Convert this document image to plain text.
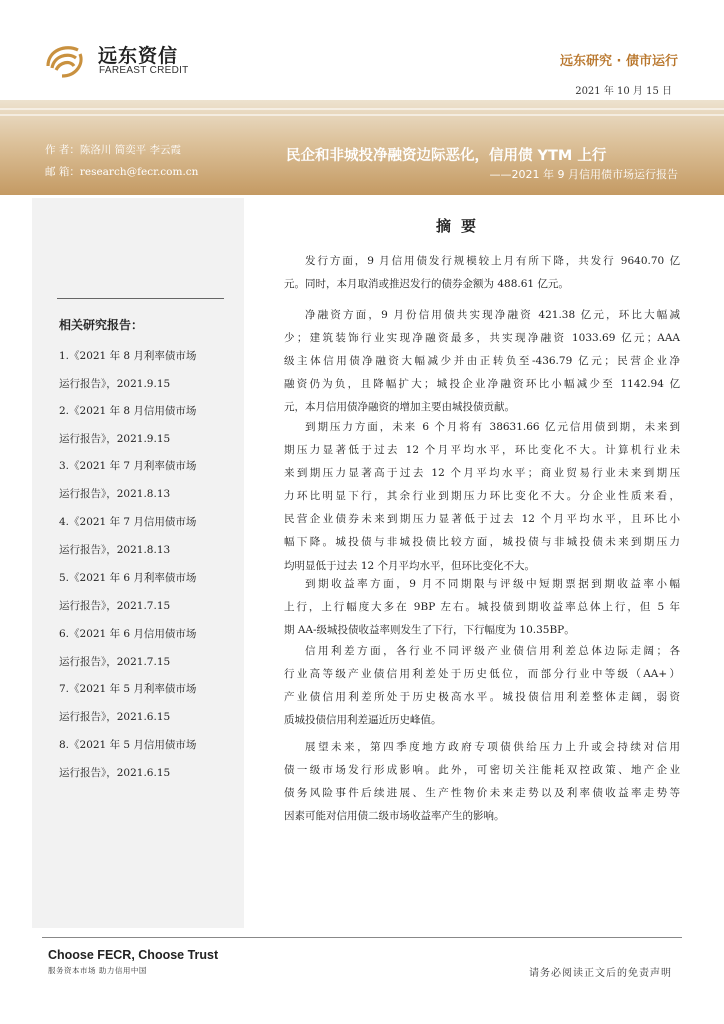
远东资信
FAREAST CREDIT
远东研究 · 债市运行
2021 年 10 月 15 日
作 者：陈洛川 简奕平 李云霞
邮 箱：research@fecr.com.cn
民企和非城投净融资边际恶化，信用债 YTM 上行
——2021 年 9 月信用债市场运行报告
相关研究报告：
1.《2021 年 8 月利率债市场
运行报告》，2021.9.15
2.《2021 年 8 月信用债市场
运行报告》，2021.9.15
3.《2021 年 7 月利率债市场
运行报告》，2021.8.13
4.《2021 年 7 月信用债市场
运行报告》，2021.8.13
5.《2021 年 6 月利率债市场
运行报告》，2021.7.15
6.《2021 年 6 月信用债市场
运行报告》，2021.7.15
7.《2021 年 5 月利率债市场
运行报告》，2021.6.15
8.《2021 年 5 月信用债市场
运行报告》，2021.6.15
摘要
发行方面，9 月信用债发行规模较上月有所下降，共发行 9640.70 亿
元。同时，本月取消或推迟发行的债券金额为 488.61 亿元。
净融资方面，9 月份信用债共实现净融资 421.38 亿元，环比大幅减
少；建筑装饰行业实现净融资最多，共实现净融资 1033.69 亿元；AAA
级主体信用债净融资大幅减少并由正转负至-436.79 亿元；民营企业净
融资仍为负，且降幅扩大；城投企业净融资环比小幅减少至 1142.94 亿
元，本月信用债净融资的增加主要由城投债贡献。
到期压力方面，未来 6 个月将有 38631.66 亿元信用债到期，未来到
期压力显著低于过去 12 个月平均水平，环比变化不大。计算机行业未
来到期压力显著高于过去 12 个月平均水平；商业贸易行业未来到期压
力环比明显下行，其余行业到期压力环比变化不大。分企业性质来看，
民营企业债券未来到期压力显著低于过去 12 个月平均水平，且环比小
幅下降。城投债与非城投债比较方面，城投债与非城投债未来到期压力
均明显低于过去 12 个月平均水平，但环比变化不大。
到期收益率方面，9 月不同期限与评级中短期票据到期收益率小幅
上行，上行幅度大多在 9BP 左右。城投债到期收益率总体上行，但 5 年
期 AA-级城投债收益率则发生了下行，下行幅度为 10.35BP。
信用利差方面，各行业不同评级产业债信用利差总体边际走阔；各
行业高等级产业债信用利差处于历史低位，而部分行业中等级（AA+）
产业债信用利差所处于历史极高水平。城投债信用利差整体走阔，弱资
质城投债信用利差逼近历史峰值。
展望未来，第四季度地方政府专项债供给压力上升或会持续对信用
债一级市场发行形成影响。此外，可密切关注能耗双控政策、地产企业
债务风险事件后续进展、生产性物价未来走势以及利率债收益率走势等
因素可能对信用债二级市场收益率产生的影响。
Choose FECR, Choose Trust
服务资本市场 助力信用中国	请务必阅读正文后的免责声明
